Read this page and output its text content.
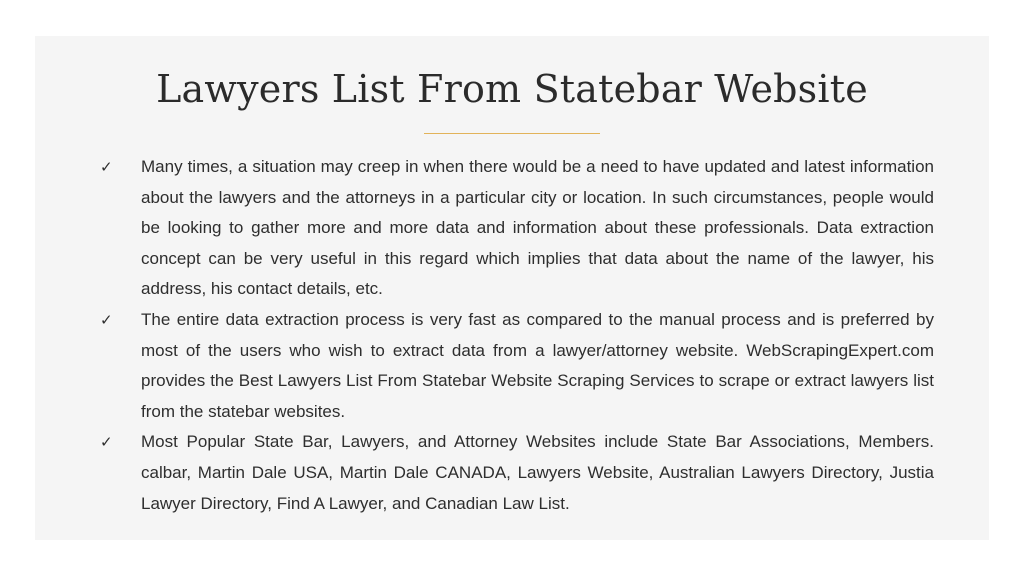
Lawyers List From Statebar Website
✓ Many times, a situation may creep in when there would be a need to have updated and latest information about the lawyers and the attorneys in a particular city or location. In such circumstances, people would be looking to gather more and more data and information about these professionals. Data extraction concept can be very useful in this regard which implies that data about the name of the lawyer, his address, his contact details, etc.
✓ The entire data extraction process is very fast as compared to the manual process and is preferred by most of the users who wish to extract data from a lawyer/attorney website. WebScrapingExpert.com provides the Best Lawyers List From Statebar Website Scraping Services to scrape or extract lawyers list from the statebar websites.
✓ Most Popular State Bar, Lawyers, and Attorney Websites include State Bar Associations, Members. calbar, Martin Dale USA, Martin Dale CANADA, Lawyers Website, Australian Lawyers Directory, Justia Lawyer Directory, Find A Lawyer, and Canadian Law List.
